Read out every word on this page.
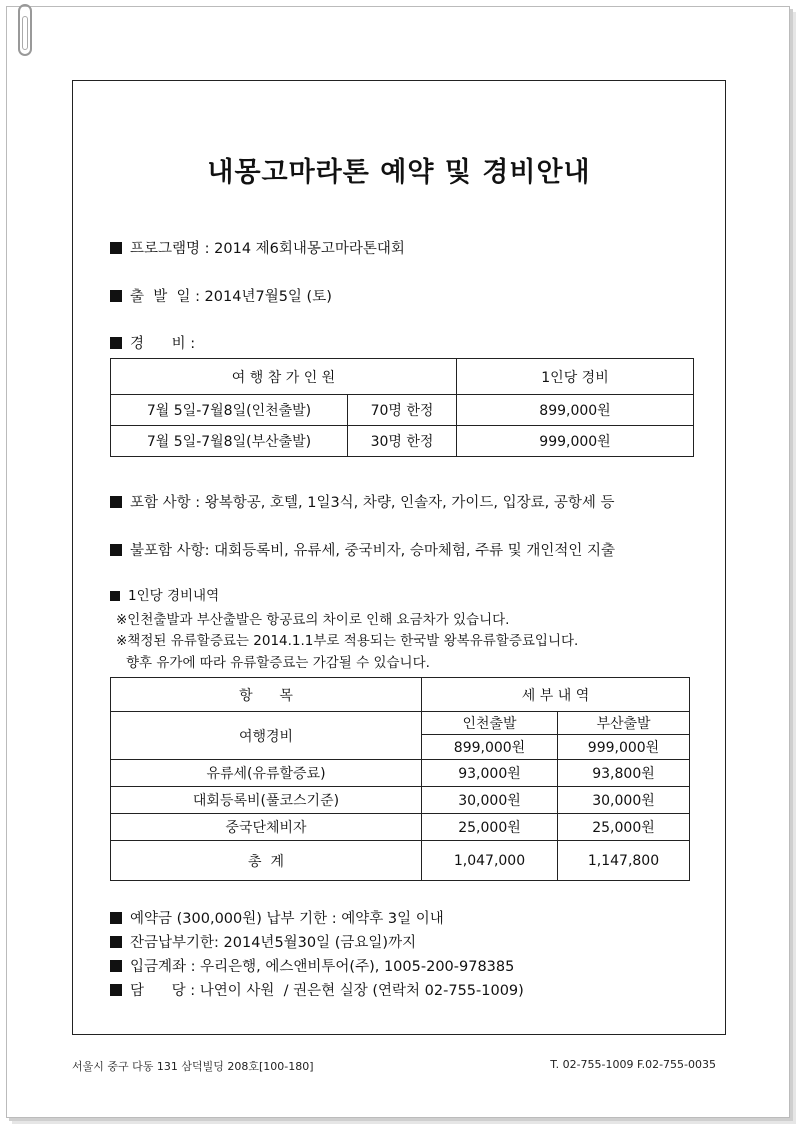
내몽고마라톤 예약 및 경비안내
프로그램명 : 2014 제6회내몽고마라톤대회
출  발  일 : 2014년7월5일 (토)
경      비 :
여 행 참 가 인 원		1인당 경비
7월 5일-7월8일(인천출발)	70명 한정	899,000원
7월 5일-7월8일(부산출발)	30명 한정	999,000원
포함 사항 : 왕복항공, 호텔, 1일3식, 차량, 인솔자, 가이드, 입장료, 공항세 등
불포함 사항: 대회등록비, 유류세, 중국비자, 승마체험, 주류 및 개인적인 지출
1인당 경비내역
※인천출발과 부산출발은 항공료의 차이로 인해 요금차가 있습니다.
※책정된 유류할증료는 2014.1.1부로 적용되는 한국발 왕복유류할증료입니다.
향후 유가에 따라 유류할증료는 가감될 수 있습니다.
항      목	세 부 내 역	
여행경비	인천출발	부산출발
	899,000원	999,000원
유류세(유류할증료)	93,000원	93,800원
대회등록비(풀코스기준)	30,000원	30,000원
중국단체비자	25,000원	25,000원
총  계	1,047,000	1,147,800
예약금 (300,000원) 납부 기한 : 예약후 3일 이내
잔금납부기한: 2014년5월30일 (금요일)까지
입금계좌 : 우리은행, 에스앤비투어(주), 1005-200-978385
담      당 : 나연이 사원  / 권은현 실장 (연락처 02-755-1009)
서울시 중구 다동 131 삼덕빌딩 208호[100-180]	T. 02-755-1009 F.02-755-0035
